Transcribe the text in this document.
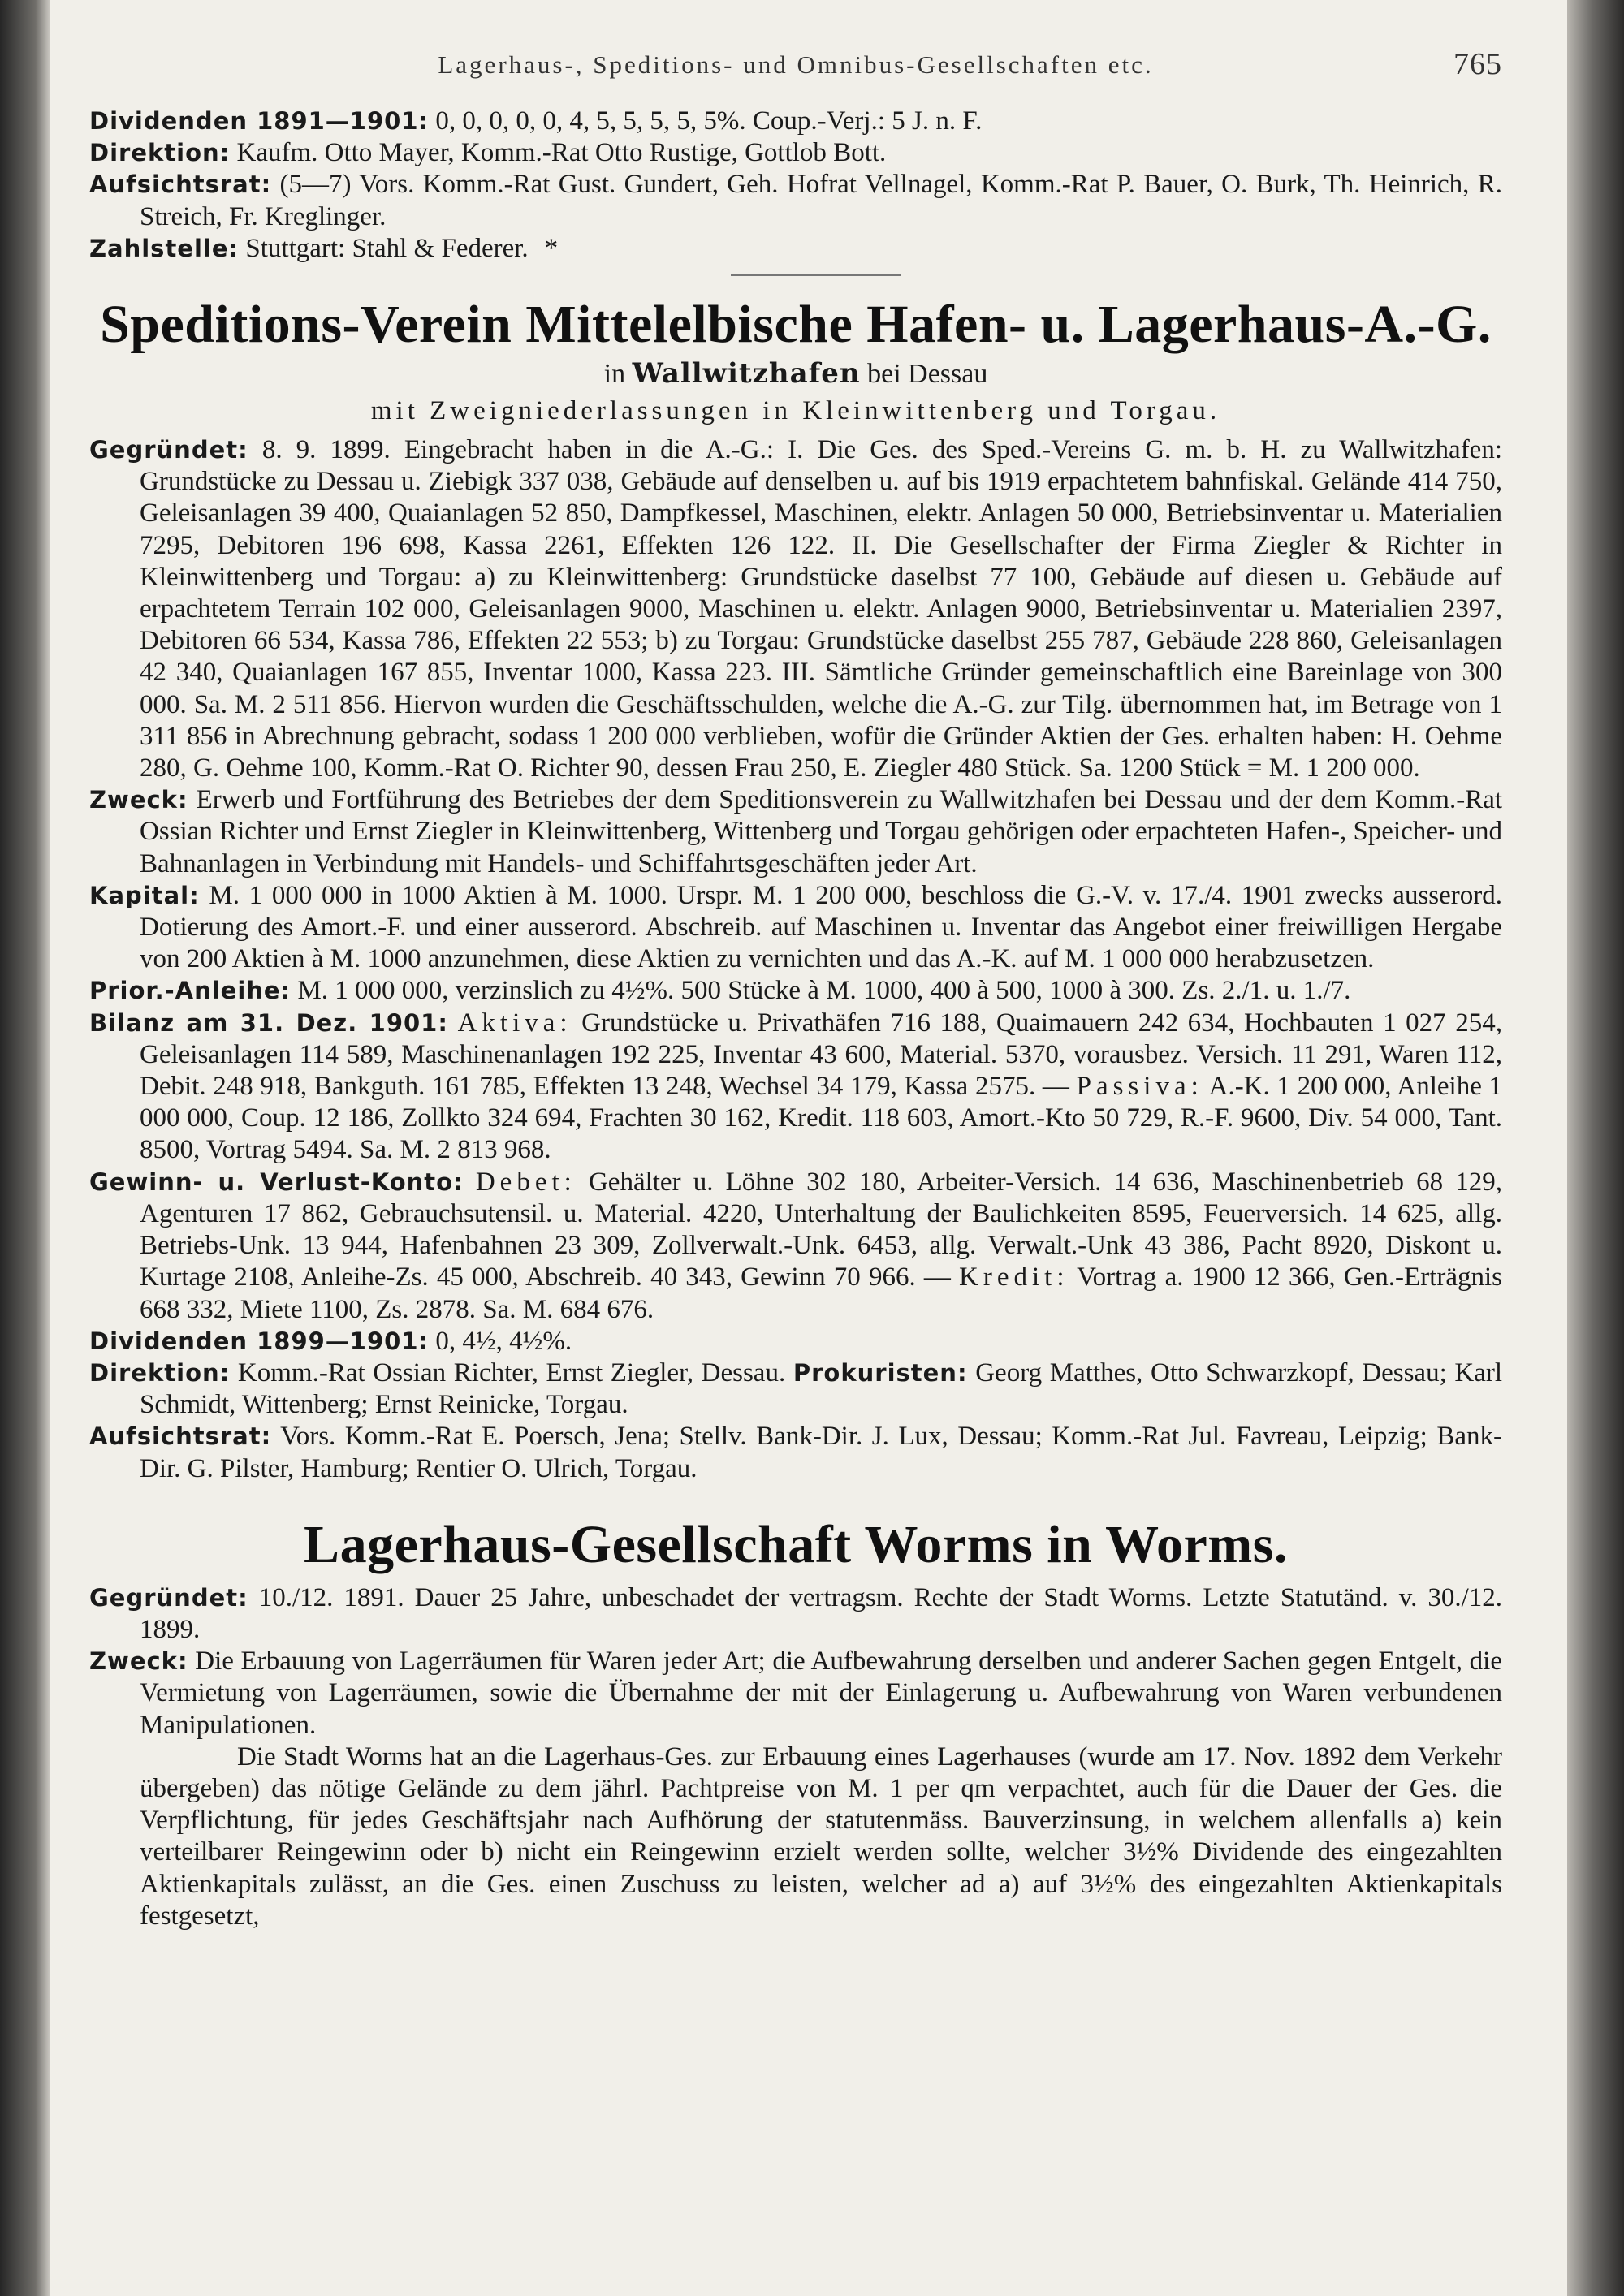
Lagerhaus-, Speditions- und Omnibus-Gesellschaften etc.	765

Dividenden 1891—1901: 0, 0, 0, 0, 0, 4, 5, 5, 5, 5, 5%. Coup.-Verj.: 5 J. n. F.

Direktion: Kaufm. Otto Mayer, Komm.-Rat Otto Rustige, Gottlob Bott.

Aufsichtsrat: (5—7) Vors. Komm.-Rat Gust. Gundert, Geh. Hofrat Vellnagel, Komm.-Rat P. Bauer, O. Burk, Th. Heinrich, R. Streich, Fr. Kreglinger.

Zahlstelle: Stuttgart: Stahl & Federer. *

Speditions-Verein Mittelelbische Hafen- u. Lagerhaus-A.-G.

in Wallwitzhafen bei Dessau

mit Zweigniederlassungen in Kleinwittenberg und Torgau.

Gegründet: 8. 9. 1899. Eingebracht haben in die A.-G.: I. Die Ges. des Sped.-Vereins G. m. b. H. zu Wallwitzhafen: Grundstücke zu Dessau u. Ziebigk 337 038, Gebäude auf denselben u. auf bis 1919 erpachtetem bahnfiskal. Gelände 414 750, Geleisanlagen 39 400, Quaianlagen 52 850, Dampfkessel, Maschinen, elektr. Anlagen 50 000, Betriebsinventar u. Materialien 7295, Debitoren 196 698, Kassa 2261, Effekten 126 122. II. Die Gesellschafter der Firma Ziegler & Richter in Kleinwittenberg und Torgau: a) zu Kleinwittenberg: Grundstücke daselbst 77 100, Gebäude auf diesen u. Gebäude auf erpachtetem Terrain 102 000, Geleisanlagen 9000, Maschinen u. elektr. Anlagen 9000, Betriebsinventar u. Materialien 2397, Debitoren 66 534, Kassa 786, Effekten 22 553; b) zu Torgau: Grundstücke daselbst 255 787, Gebäude 228 860, Geleisanlagen 42 340, Quaianlagen 167 855, Inventar 1000, Kassa 223. III. Sämtliche Gründer gemeinschaftlich eine Bareinlage von 300 000. Sa. M. 2 511 856. Hiervon wurden die Geschäftsschulden, welche die A.-G. zur Tilg. übernommen hat, im Betrage von 1 311 856 in Abrechnung gebracht, sodass 1 200 000 verblieben, wofür die Gründer Aktien der Ges. erhalten haben: H. Oehme 280, G. Oehme 100, Komm.-Rat O. Richter 90, dessen Frau 250, E. Ziegler 480 Stück. Sa. 1200 Stück = M. 1 200 000.

Zweck: Erwerb und Fortführung des Betriebes der dem Speditionsverein zu Wallwitzhafen bei Dessau und der dem Komm.-Rat Ossian Richter und Ernst Ziegler in Kleinwittenberg, Wittenberg und Torgau gehörigen oder erpachteten Hafen-, Speicher- und Bahnanlagen in Verbindung mit Handels- und Schiffahrtsgeschäften jeder Art.

Kapital: M. 1 000 000 in 1000 Aktien à M. 1000. Urspr. M. 1 200 000, beschloss die G.-V. v. 17./4. 1901 zwecks ausserord. Dotierung des Amort.-F. und einer ausserord. Abschreib. auf Maschinen u. Inventar das Angebot einer freiwilligen Hergabe von 200 Aktien à M. 1000 anzunehmen, diese Aktien zu vernichten und das A.-K. auf M. 1 000 000 herabzusetzen.

Prior.-Anleihe: M. 1 000 000, verzinslich zu 4½%. 500 Stücke à M. 1000, 400 à 500, 1000 à 300. Zs. 2./1. u. 1./7.

Bilanz am 31. Dez. 1901: Aktiva: Grundstücke u. Privathäfen 716 188, Quaimauern 242 634, Hochbauten 1 027 254, Geleisanlagen 114 589, Maschinenanlagen 192 225, Inventar 43 600, Material. 5370, vorausbez. Versich. 11 291, Waren 112, Debit. 248 918, Bankguth. 161 785, Effekten 13 248, Wechsel 34 179, Kassa 2575. — Passiva: A.-K. 1 200 000, Anleihe 1 000 000, Coup. 12 186, Zollkto 324 694, Frachten 30 162, Kredit. 118 603, Amort.-Kto 50 729, R.-F. 9600, Div. 54 000, Tant. 8500, Vortrag 5494. Sa. M. 2 813 968.

Gewinn- u. Verlust-Konto: Debet: Gehälter u. Löhne 302 180, Arbeiter-Versich. 14 636, Maschinenbetrieb 68 129, Agenturen 17 862, Gebrauchsutensil. u. Material. 4220, Unterhaltung der Baulichkeiten 8595, Feuerversich. 14 625, allg. Betriebs-Unk. 13 944, Hafenbahnen 23 309, Zollverwalt.-Unk. 6453, allg. Verwalt.-Unk 43 386, Pacht 8920, Diskont u. Kurtage 2108, Anleihe-Zs. 45 000, Abschreib. 40 343, Gewinn 70 966. — Kredit: Vortrag a. 1900 12 366, Gen.-Erträgnis 668 332, Miete 1100, Zs. 2878. Sa. M. 684 676.

Dividenden 1899—1901: 0, 4½, 4½%.

Direktion: Komm.-Rat Ossian Richter, Ernst Ziegler, Dessau. Prokuristen: Georg Matthes, Otto Schwarzkopf, Dessau; Karl Schmidt, Wittenberg; Ernst Reinicke, Torgau.

Aufsichtsrat: Vors. Komm.-Rat E. Poersch, Jena; Stellv. Bank-Dir. J. Lux, Dessau; Komm.-Rat Jul. Favreau, Leipzig; Bank-Dir. G. Pilster, Hamburg; Rentier O. Ulrich, Torgau.

Lagerhaus-Gesellschaft Worms in Worms.

Gegründet: 10./12. 1891. Dauer 25 Jahre, unbeschadet der vertragsm. Rechte der Stadt Worms. Letzte Statutänd. v. 30./12. 1899.

Zweck: Die Erbauung von Lagerräumen für Waren jeder Art; die Aufbewahrung derselben und anderer Sachen gegen Entgelt, die Vermietung von Lagerräumen, sowie die Übernahme der mit der Einlagerung u. Aufbewahrung von Waren verbundenen Manipulationen.

Die Stadt Worms hat an die Lagerhaus-Ges. zur Erbauung eines Lagerhauses (wurde am 17. Nov. 1892 dem Verkehr übergeben) das nötige Gelände zu dem jährl. Pachtpreise von M. 1 per qm verpachtet, auch für die Dauer der Ges. die Verpflichtung, für jedes Geschäftsjahr nach Aufhörung der statutenmäss. Bauverzinsung, in welchem allenfalls a) kein verteilbarer Reingewinn oder b) nicht ein Reingewinn erzielt werden sollte, welcher 3½% Dividende des eingezahlten Aktienkapitals zulässt, an die Ges. einen Zuschuss zu leisten, welcher ad a) auf 3½% des eingezahlten Aktienkapitals festgesetzt,
